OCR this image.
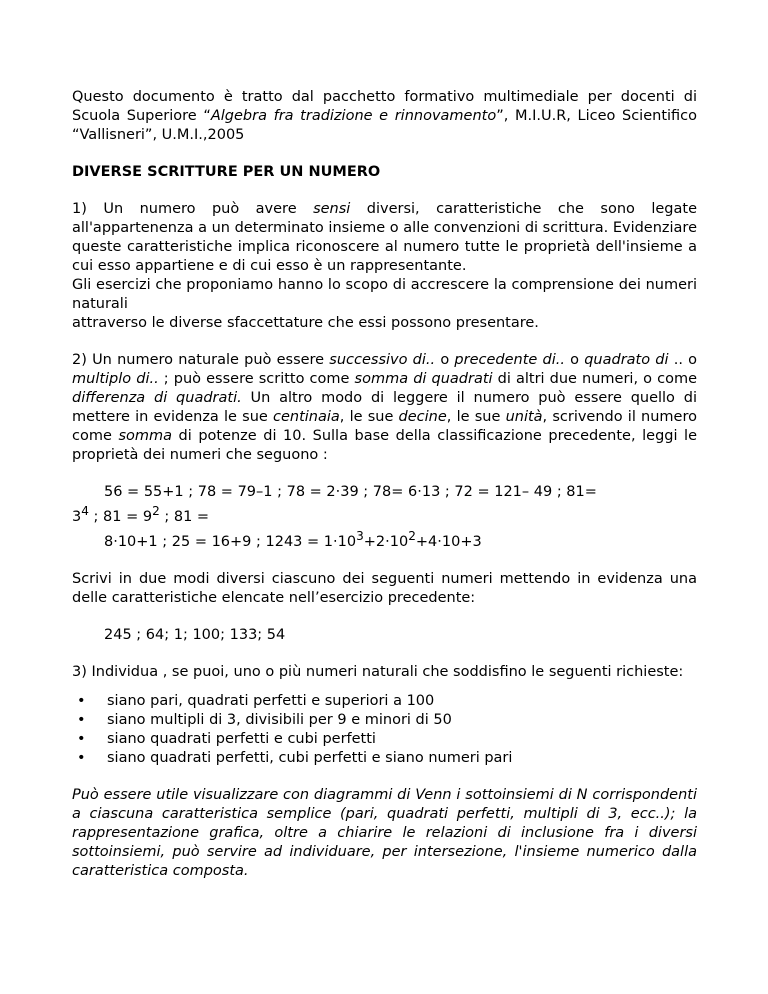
Questo documento è tratto dal pacchetto formativo multimediale per docenti di Scuola Superiore “Algebra fra tradizione e rinnovamento”, M.I.U.R, Liceo Scientifico “Vallisneri”, U.M.I.,2005

DIVERSE SCRITTURE PER UN NUMERO

1) Un numero può avere sensi diversi, caratteristiche che sono legate all'appartenenza a un determinato insieme o alle convenzioni di scrittura. Evidenziare queste caratteristiche implica riconoscere al numero tutte le proprietà dell'insieme a cui esso appartiene e di cui esso è un rappresentante.
Gli esercizi che proponiamo hanno lo scopo di accrescere la comprensione dei numeri naturali
attraverso le diverse sfaccettature che essi possono presentare.

2) Un numero naturale può essere successivo di.. o precedente di.. o quadrato di .. o multiplo di.. ; può essere scritto come somma di quadrati di altri due numeri, o come differenza di quadrati. Un altro modo di leggere il numero può essere quello di mettere in evidenza le sue centinaia, le sue decine, le sue unità, scrivendo il numero come somma di potenze di 10. Sulla base della classificazione precedente, leggi le proprietà dei numeri che seguono :

56 = 55+1 ; 78 = 79–1 ; 78 = 2⋅39 ; 78= 6⋅13 ; 72 = 121– 49 ; 81=
$3^4$ ; $81 = 9^2$ ; 81 =
8⋅10+1 ; 25 = 16+9 ; $1243 = 1\cdot 10^3+2\cdot 10^2+4\cdot 10+3$

Scrivi in due modi diversi ciascuno dei seguenti numeri mettendo in evidenza una delle caratteristiche elencate nell’esercizio precedente:

245 ; 64; 1; 100; 133; 54

3) Individua , se puoi, uno o più numeri naturali che soddisfino le seguenti richieste:

• siano pari, quadrati perfetti e superiori a 100
• siano multipli di 3, divisibili per 9 e minori di 50
• siano quadrati perfetti e cubi perfetti
• siano quadrati perfetti, cubi perfetti e siano numeri pari

Può essere utile visualizzare con diagrammi di Venn i sottoinsiemi di N corrispondenti a ciascuna caratteristica semplice (pari, quadrati perfetti, multipli di 3, ecc..); la rappresentazione grafica, oltre a chiarire le relazioni di inclusione fra i diversi sottoinsiemi, può servire ad individuare, per intersezione, l'insieme numerico dalla caratteristica composta.
